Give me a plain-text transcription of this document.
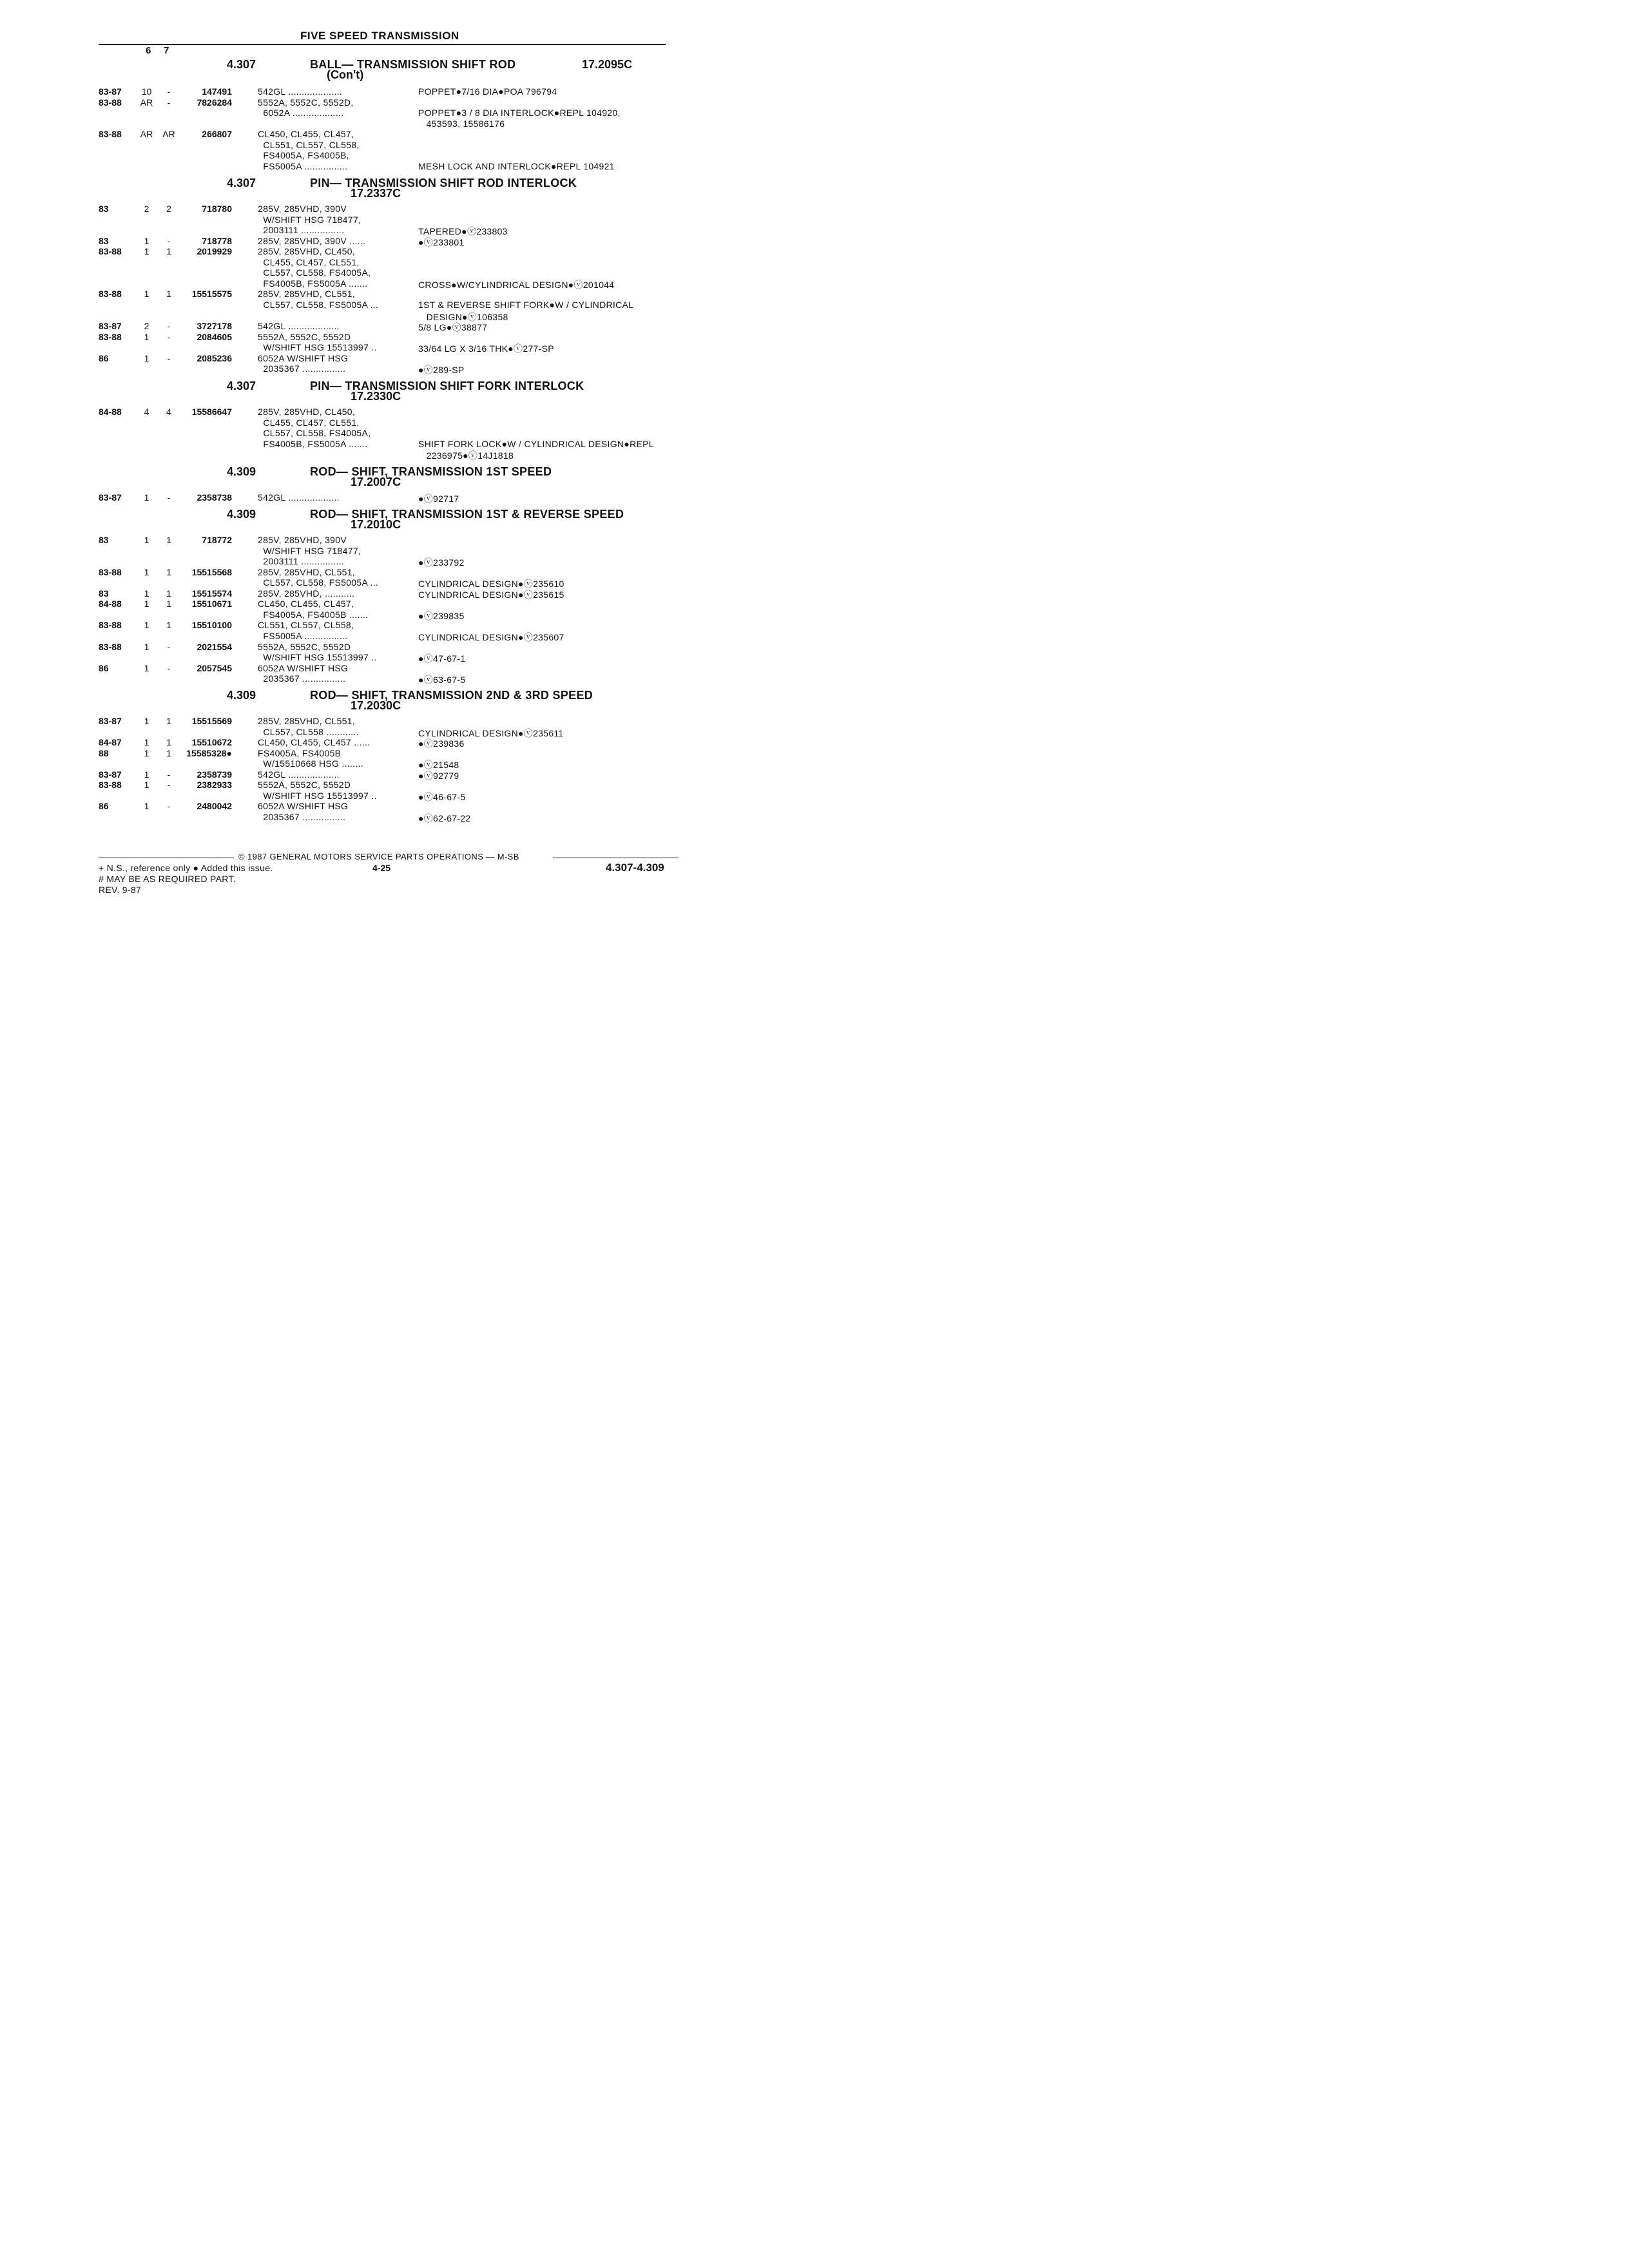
FIVE SPEED TRANSMISSION
6 7
4.307	BALL— TRANSMISSION SHIFT ROD	17.2095C
(Con't)
83-87	10	-	147491	542GL ....................	POPPET●7/16 DIA●POA 796794
83-88	AR	-	7826284	5552A, 5552C, 5552D,
6052A ...................	POPPET●3 / 8 DIA INTERLOCK●REPL 104920,
453593, 15586176
83-88	AR	AR	266807	CL450, CL455, CL457,
CL551, CL557, CL558,
FS4005A, FS4005B,
FS5005A ................	MESH LOCK AND INTERLOCK●REPL 104921
4.307	PIN— TRANSMISSION SHIFT ROD INTERLOCK
17.2337C
83	2	2	718780	285V, 285VHD, 390V
W/SHIFT HSG 718477,
2003111 ................	TAPERED●ⓥ233803
83	1	-	718778	285V, 285VHD, 390V ......	●ⓥ233801
83-88	1	1	2019929	285V, 285VHD, CL450,
CL455, CL457, CL551,
CL557, CL558, FS4005A,
FS4005B, FS5005A .......	CROSS●W/CYLINDRICAL DESIGN●ⓥ201044
83-88	1	1	15515575	285V, 285VHD, CL551,
CL557, CL558, FS5005A ...	1ST & REVERSE SHIFT FORK●W / CYLINDRICAL
DESIGN●ⓥ106358
83-87	2	-	3727178	542GL ...................	5/8 LG●ⓥ38877
83-88	1	-	2084605	5552A, 5552C, 5552D
W/SHIFT HSG 15513997 ..	33/64 LG X 3/16 THK●ⓥ277-SP
86	1	-	2085236	6052A W/SHIFT HSG
2035367 ................	●ⓥ289-SP
4.307	PIN— TRANSMISSION SHIFT FORK INTERLOCK
17.2330C
84-88	4	4	15586647	285V, 285VHD, CL450,
CL455, CL457, CL551,
CL557, CL558, FS4005A,
FS4005B, FS5005A .......	SHIFT FORK LOCK●W / CYLINDRICAL DESIGN●REPL
2236975●ⓥ14J1818
4.309	ROD— SHIFT, TRANSMISSION 1ST SPEED
17.2007C
83-87	1	-	2358738	542GL ...................	●ⓥ92717
4.309	ROD— SHIFT, TRANSMISSION 1ST & REVERSE SPEED
17.2010C
83	1	1	718772	285V, 285VHD, 390V
W/SHIFT HSG 718477,
2003111 ................	●ⓥ233792
83-88	1	1	15515568	285V, 285VHD, CL551,
CL557, CL558, FS5005A ...	CYLINDRICAL DESIGN●ⓥ235610
83	1	1	15515574	285V, 285VHD, ...........	CYLINDRICAL DESIGN●ⓥ235615
84-88	1	1	15510671	CL450, CL455, CL457,
FS4005A, FS4005B .......	●ⓥ239835
83-88	1	1	15510100	CL551, CL557, CL558,
FS5005A ................	CYLINDRICAL DESIGN●ⓥ235607
83-88	1	-	2021554	5552A, 5552C, 5552D
W/SHIFT HSG 15513997 ..	●ⓥ47-67-1
86	1	-	2057545	6052A W/SHIFT HSG
2035367 ................	●ⓥ63-67-5
4.309	ROD— SHIFT, TRANSMISSION 2ND & 3RD SPEED
17.2030C
83-87	1	1	15515569	285V, 285VHD, CL551,
CL557, CL558 ............	CYLINDRICAL DESIGN●ⓥ235611
84-87	1	1	15510672	CL450, CL455, CL457 ......	●ⓥ239836
88	1	1	15585328●	FS4005A, FS4005B
W/15510668 HSG ........	●ⓥ21548
83-87	1	-	2358739	542GL ...................	●ⓥ92779
83-88	1	-	2382933	5552A, 5552C, 5552D
W/SHIFT HSG 15513997 ..	●ⓥ46-67-5
86	1	-	2480042	6052A W/SHIFT HSG
2035367 ................	●ⓥ62-67-22
© 1987 GENERAL MOTORS SERVICE PARTS OPERATIONS — M-SB
+ N.S., reference only ● Added this issue.	4-25	4.307-4.309
# MAY BE AS REQUIRED PART.
REV. 9-87
